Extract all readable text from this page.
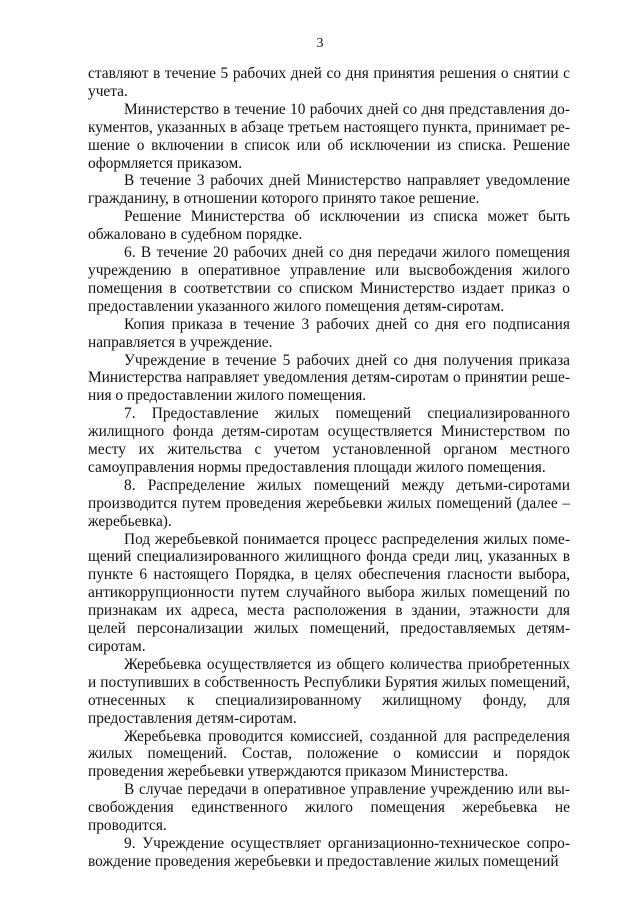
3

ставляют в течение 5 рабочих дней со дня принятия решения о снятии с учета.

Министерство в течение 10 рабочих дней со дня представления документов, указанных в абзаце третьем настоящего пункта, принимает решение о включении в список или об исключении из списка. Решение оформляется приказом.

В течение 3 рабочих дней Министерство направляет уведомление гражданину, в отношении которого принято такое решение.

Решение Министерства об исключении из списка может быть обжаловано в судебном порядке.

6. В течение 20 рабочих дней со дня передачи жилого помещения учреждению в оперативное управление или высвобождения жилого помещения в соответствии со списком Министерство издает приказ о предоставлении указанного жилого помещения детям-сиротам.

Копия приказа в течение 3 рабочих дней со дня его подписания направляется в учреждение.

Учреждение в течение 5 рабочих дней со дня получения приказа Министерства направляет уведомления детям-сиротам о принятии решения о предоставлении жилого помещения.

7. Предоставление жилых помещений специализированного жилищного фонда детям-сиротам осуществляется Министерством по месту их жительства с учетом установленной органом местного самоуправления нормы предоставления площади жилого помещения.

8. Распределение жилых помещений между детьми-сиротами производится путем проведения жеребьевки жилых помещений (далее – жеребьевка).

Под жеребьевкой понимается процесс распределения жилых помещений специализированного жилищного фонда среди лиц, указанных в пункте 6 настоящего Порядка, в целях обеспечения гласности выбора, антикоррупционности путем случайного выбора жилых помещений по признакам их адреса, места расположения в здании, этажности для целей персонализации жилых помещений, предоставляемых детям-сиротам.

Жеребьевка осуществляется из общего количества приобретенных и поступивших в собственность Республики Бурятия жилых помещений, отнесенных к специализированному жилищному фонду, для предоставления детям-сиротам.

Жеребьевка проводится комиссией, созданной для распределения жилых помещений. Состав, положение о комиссии и порядок проведения жеребьевки утверждаются приказом Министерства.

В случае передачи в оперативное управление учреждению или высвобождения единственного жилого помещения жеребьевка не проводится.

9. Учреждение осуществляет организационно-техническое сопровождение проведения жеребьевки и предоставление жилых помещений
